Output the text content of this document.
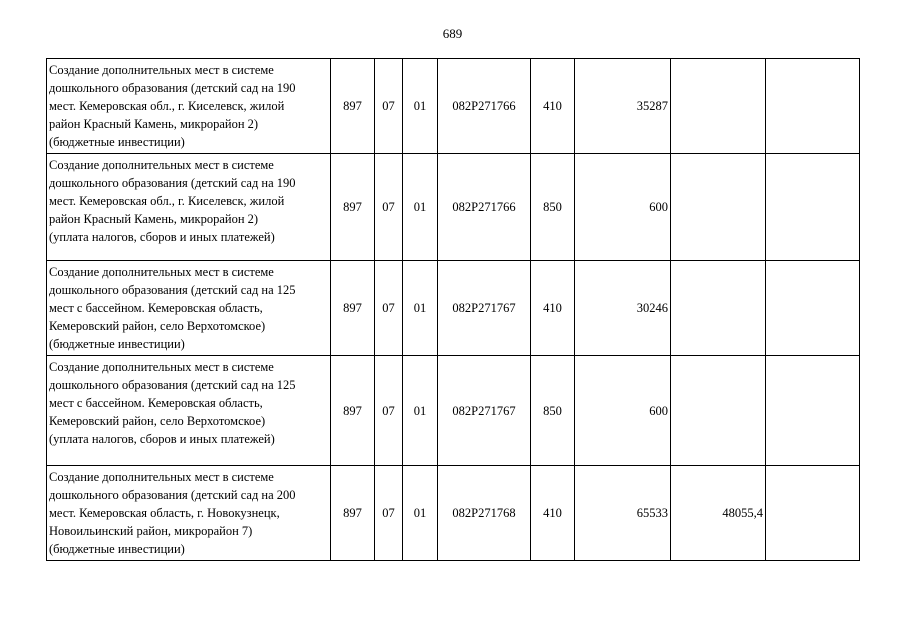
689
Создание дополнительных мест в системе
дошкольного образования (детский сад на 190
мест. Кемеровская обл., г. Киселевск, жилой
район Красный Камень, микрорайон 2)
(бюджетные инвестиции)	897	07	01	082P271766	410	35287		

Создание дополнительных мест в системе
дошкольного образования (детский сад на 190
мест. Кемеровская обл., г. Киселевск, жилой
район Красный Камень, микрорайон 2)
(уплата налогов, сборов и иных платежей)	897	07	01	082P271766	850	600		

Создание дополнительных мест в системе
дошкольного образования (детский сад на 125
мест с бассейном. Кемеровская область,
Кемеровский район, село Верхотомское)
(бюджетные инвестиции)	897	07	01	082P271767	410	30246		

Создание дополнительных мест в системе
дошкольного образования (детский сад на 125
мест с бассейном. Кемеровская область,
Кемеровский район, село Верхотомское)
(уплата налогов, сборов и иных платежей)	897	07	01	082P271767	850	600		

Создание дополнительных мест в системе
дошкольного образования (детский сад на 200
мест. Кемеровская область, г. Новокузнецк,
Новоильинский район, микрорайон 7)
(бюджетные инвестиции)	897	07	01	082P271768	410	65533	48055,4	
